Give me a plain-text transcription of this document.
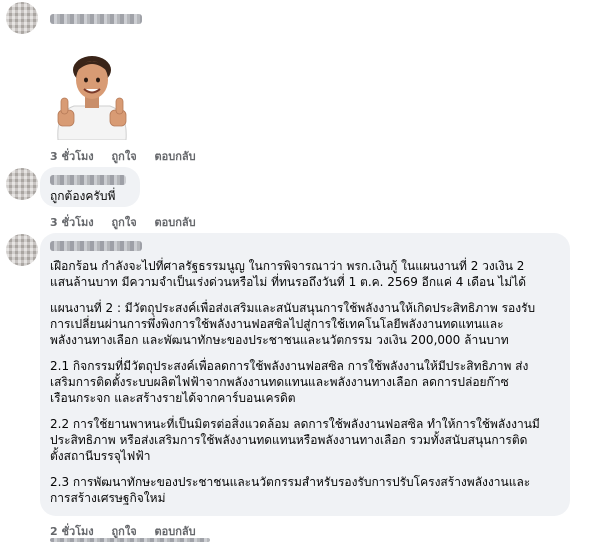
3 ชั่วโมง ถูกใจ ตอบกลับ
ถูกต้องครับพี่
3 ชั่วโมง ถูกใจ ตอบกลับ
เฝือกร้อน กำลังจะไปที่ศาลรัฐธรรมนูญ ในการพิจารณาว่า พรก.เงินกู้ ในแผนงานที่ 2 วงเงิน 2
แสนล้านบาท มีความจำเป็นเร่งด่วนหรือไม่ ที่ทนรอถึงวันที่ 1 ต.ค. 2569 อีกแค่ 4 เดือน ไม่ได้
แผนงานที่ 2 : มีวัตถุประสงค์เพื่อส่งเสริมและสนับสนุนการใช้พลังงานให้เกิดประสิทธิภาพ รองรับ
การเปลี่ยนผ่านการพึ่งพิงการใช้พลังงานฟอสซิลไปสู่การใช้เทคโนโลยีพลังงานทดแทนและ
พลังงานทางเลือก และพัฒนาทักษะของประชาชนและนวัตกรรม วงเงิน 200,000 ล้านบาท
2.1 กิจกรรมที่มีวัตถุประสงค์เพื่อลดการใช้พลังงานฟอสซิล การใช้พลังงานให้มีประสิทธิภาพ ส่ง
เสริมการติดตั้งระบบผลิตไฟฟ้าจากพลังงานทดแทนและพลังงานทางเลือก ลดการปล่อยก๊าซ
เรือนกระจก และสร้างรายได้จากคาร์บอนเครดิต
2.2 การใช้ยานพาหนะที่เป็นมิตรต่อสิ่งแวดล้อม ลดการใช้พลังงานฟอสซิล ทำให้การใช้พลังงานมี
ประสิทธิภาพ หรือส่งเสริมการใช้พลังงานทดแทนหรือพลังงานทางเลือก รวมทั้งสนับสนุนการติด
ตั้งสถานีบรรจุไฟฟ้า
2.3 การพัฒนาทักษะของประชาชนและนวัตกรรมสำหรับรองรับการปรับโครงสร้างพลังงานและ
การสร้างเศรษฐกิจใหม่
2 ชั่วโมง ถูกใจ ตอบกลับ
